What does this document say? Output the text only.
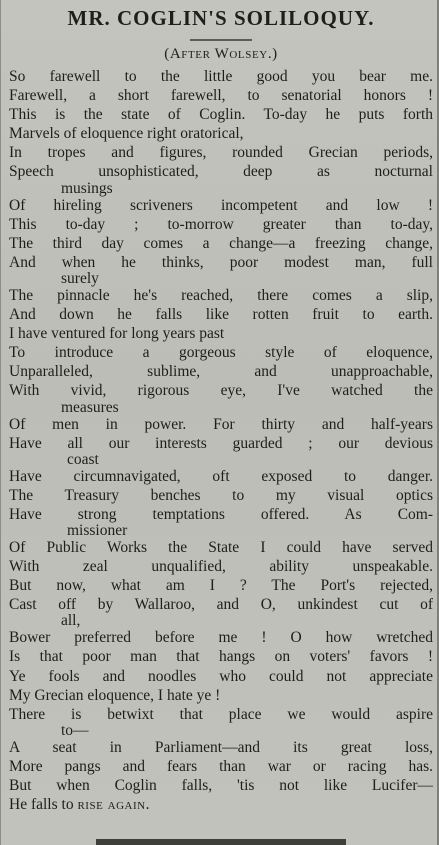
MR. COGLIN'S SOLILOQUY.
(After Wolsey.)
So farewell to the little good you bear me.
Farewell, a short farewell, to senatorial honors !
This is the state of Coglin. To-day he puts forth
Marvels of eloquence right oratorical,
In tropes and figures, rounded Grecian periods,
Speech unsophisticated, deep as nocturnal
musings
Of hireling scriveners incompetent and low !
This to-day ; to-morrow greater than to-day,
The third day comes a change—a freezing change,
And when he thinks, poor modest man, full
surely
The pinnacle he's reached, there comes a slip,
And down he falls like rotten fruit to earth.
I have ventured for long years past
To introduce a gorgeous style of eloquence,
Unparalleled, sublime, and unapproachable,
With vivid, rigorous eye, I've watched the
measures
Of men in power. For thirty and half-years
Have all our interests guarded ; our devious
coast
Have circumnavigated, oft exposed to danger.
The Treasury benches to my visual optics
Have strong temptations offered. As Com-
missioner
Of Public Works the State I could have served
With zeal unqualified, ability unspeakable.
But now, what am I ? The Port's rejected,
Cast off by Wallaroo, and O, unkindest cut of
all,
Bower preferred before me ! O how wretched
Is that poor man that hangs on voters' favors !
Ye fools and noodles who could not appreciate
My Grecian eloquence, I hate ye !
There is betwixt that place we would aspire
to—
A seat in Parliament—and its great loss,
More pangs and fears than war or racing has.
But when Coglin falls, 'tis not like Lucifer—
He falls to rise again.
